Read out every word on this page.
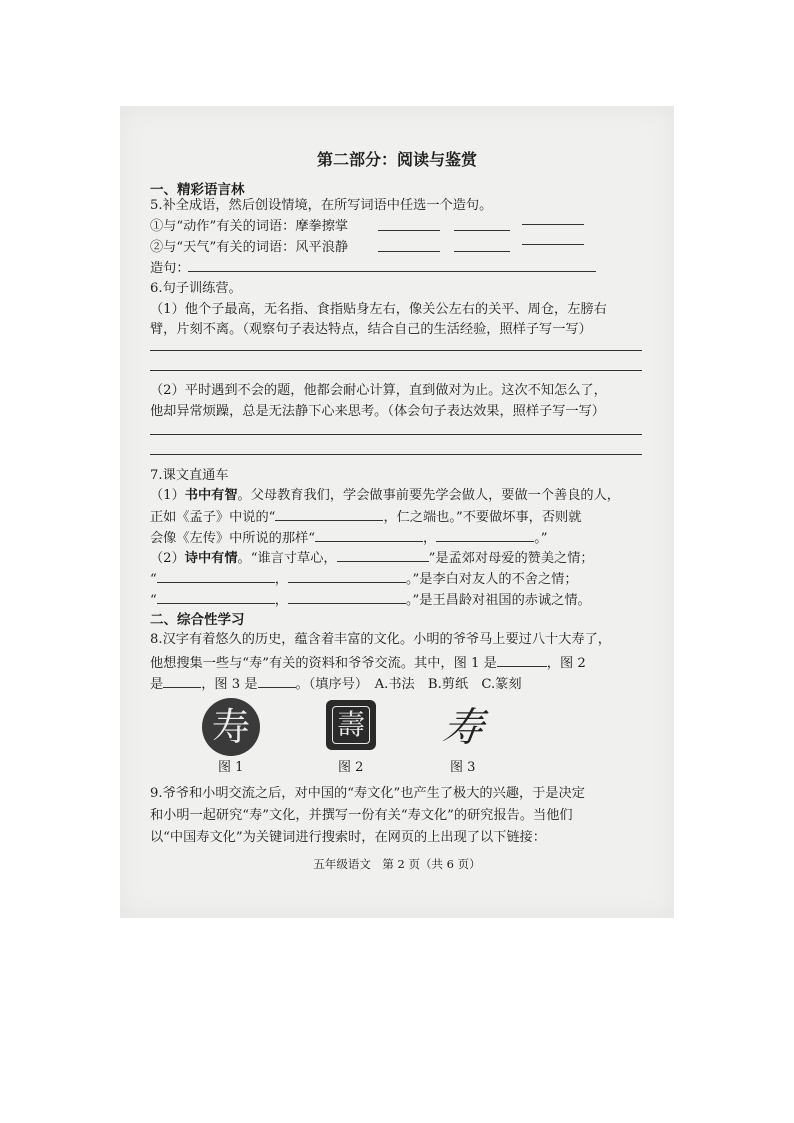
第二部分：阅读与鉴赏
一、精彩语言林
5.补全成语，然后创设情境，在所写词语中任选一个造句。
①与“动作”有关的词语：摩拳擦掌
②与“天气”有关的词语：风平浪静
造句：
6.句子训练营。
（1）他个子最高，无名指、食指贴身左右，像关公左右的关平、周仓，左膀右
臂，片刻不离。（观察句子表达特点，结合自己的生活经验，照样子写一写）
（2）平时遇到不会的题，他都会耐心计算，直到做对为止。这次不知怎么了，
他却异常烦躁，总是无法静下心来思考。（体会句子表达效果，照样子写一写）
7.课文直通车
（1）书中有智。父母教育我们，学会做事前要先学会做人，要做一个善良的人，
正如《孟子》中说的“	，仁之端也。”不要做坏事，否则就
会像《左传》中所说的那样“	，	。”
（2）诗中有情。“谁言寸草心，	”是孟郊对母爱的赞美之情；
“	，	。”是李白对友人的不舍之情；
“	，	。”是王昌龄对祖国的赤诚之情。
二、综合性学习
8.汉字有着悠久的历史，蕴含着丰富的文化。小明的爷爷马上要过八十大寿了，
他想搜集一些与“寿”有关的资料和爷爷交流。其中，图 1 是	，图 2
是	，图 3 是	。（填序号）　A.书法　B.剪纸　C.篆刻
寿
图 1
壽
图 2
寿
图 3
9.爷爷和小明交流之后，对中国的“寿文化”也产生了极大的兴趣，于是决定
和小明一起研究“寿”文化，并撰写一份有关“寿文化”的研究报告。当他们
以“中国寿文化”为关键词进行搜索时，在网页的上出现了以下链接：
五年级语文　第 2 页（共 6 页）
